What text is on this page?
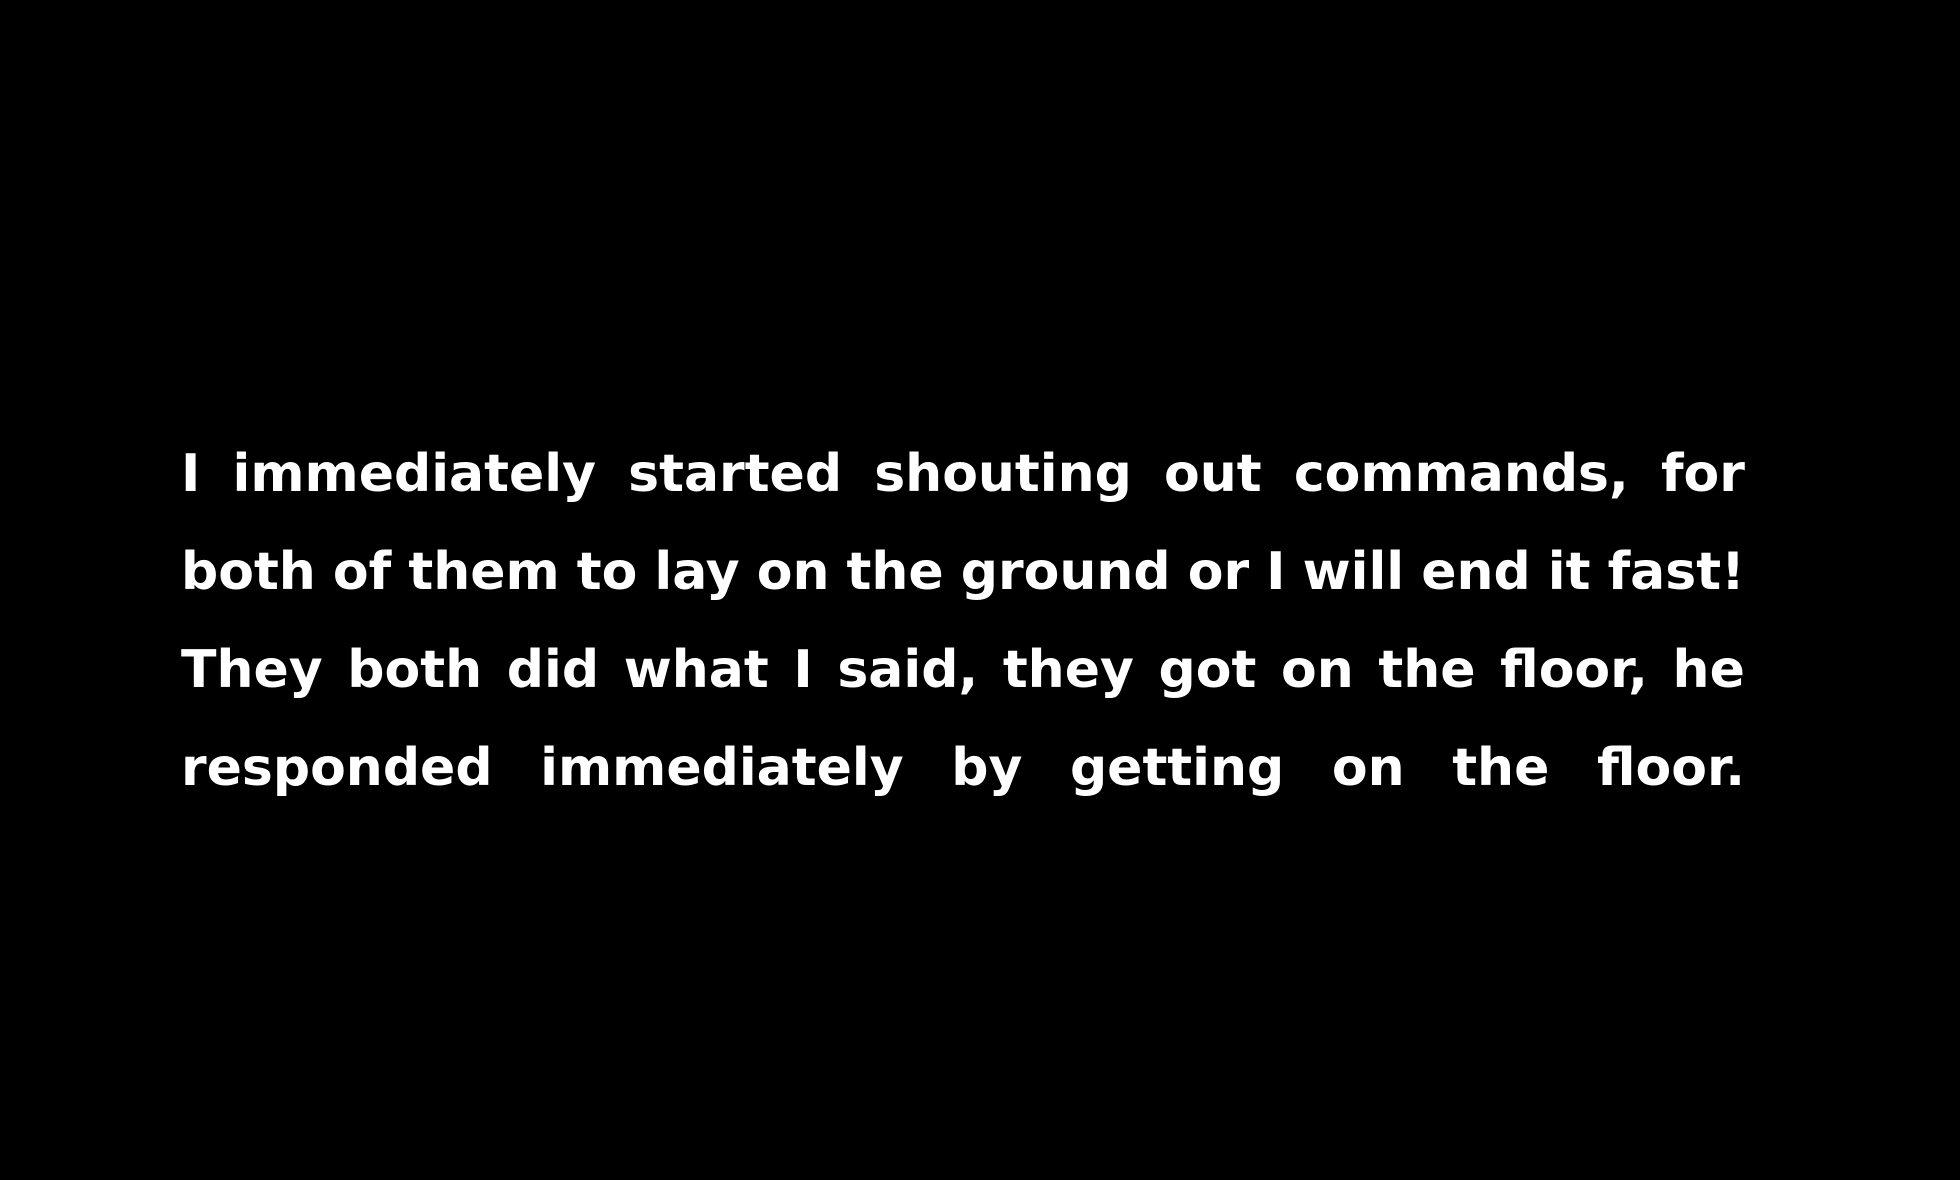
I immediately started shouting out commands, for
both of them to lay on the ground or I will end it fast!
They both did what I said, they got on the floor, he
responded immediately by getting on the floor.
